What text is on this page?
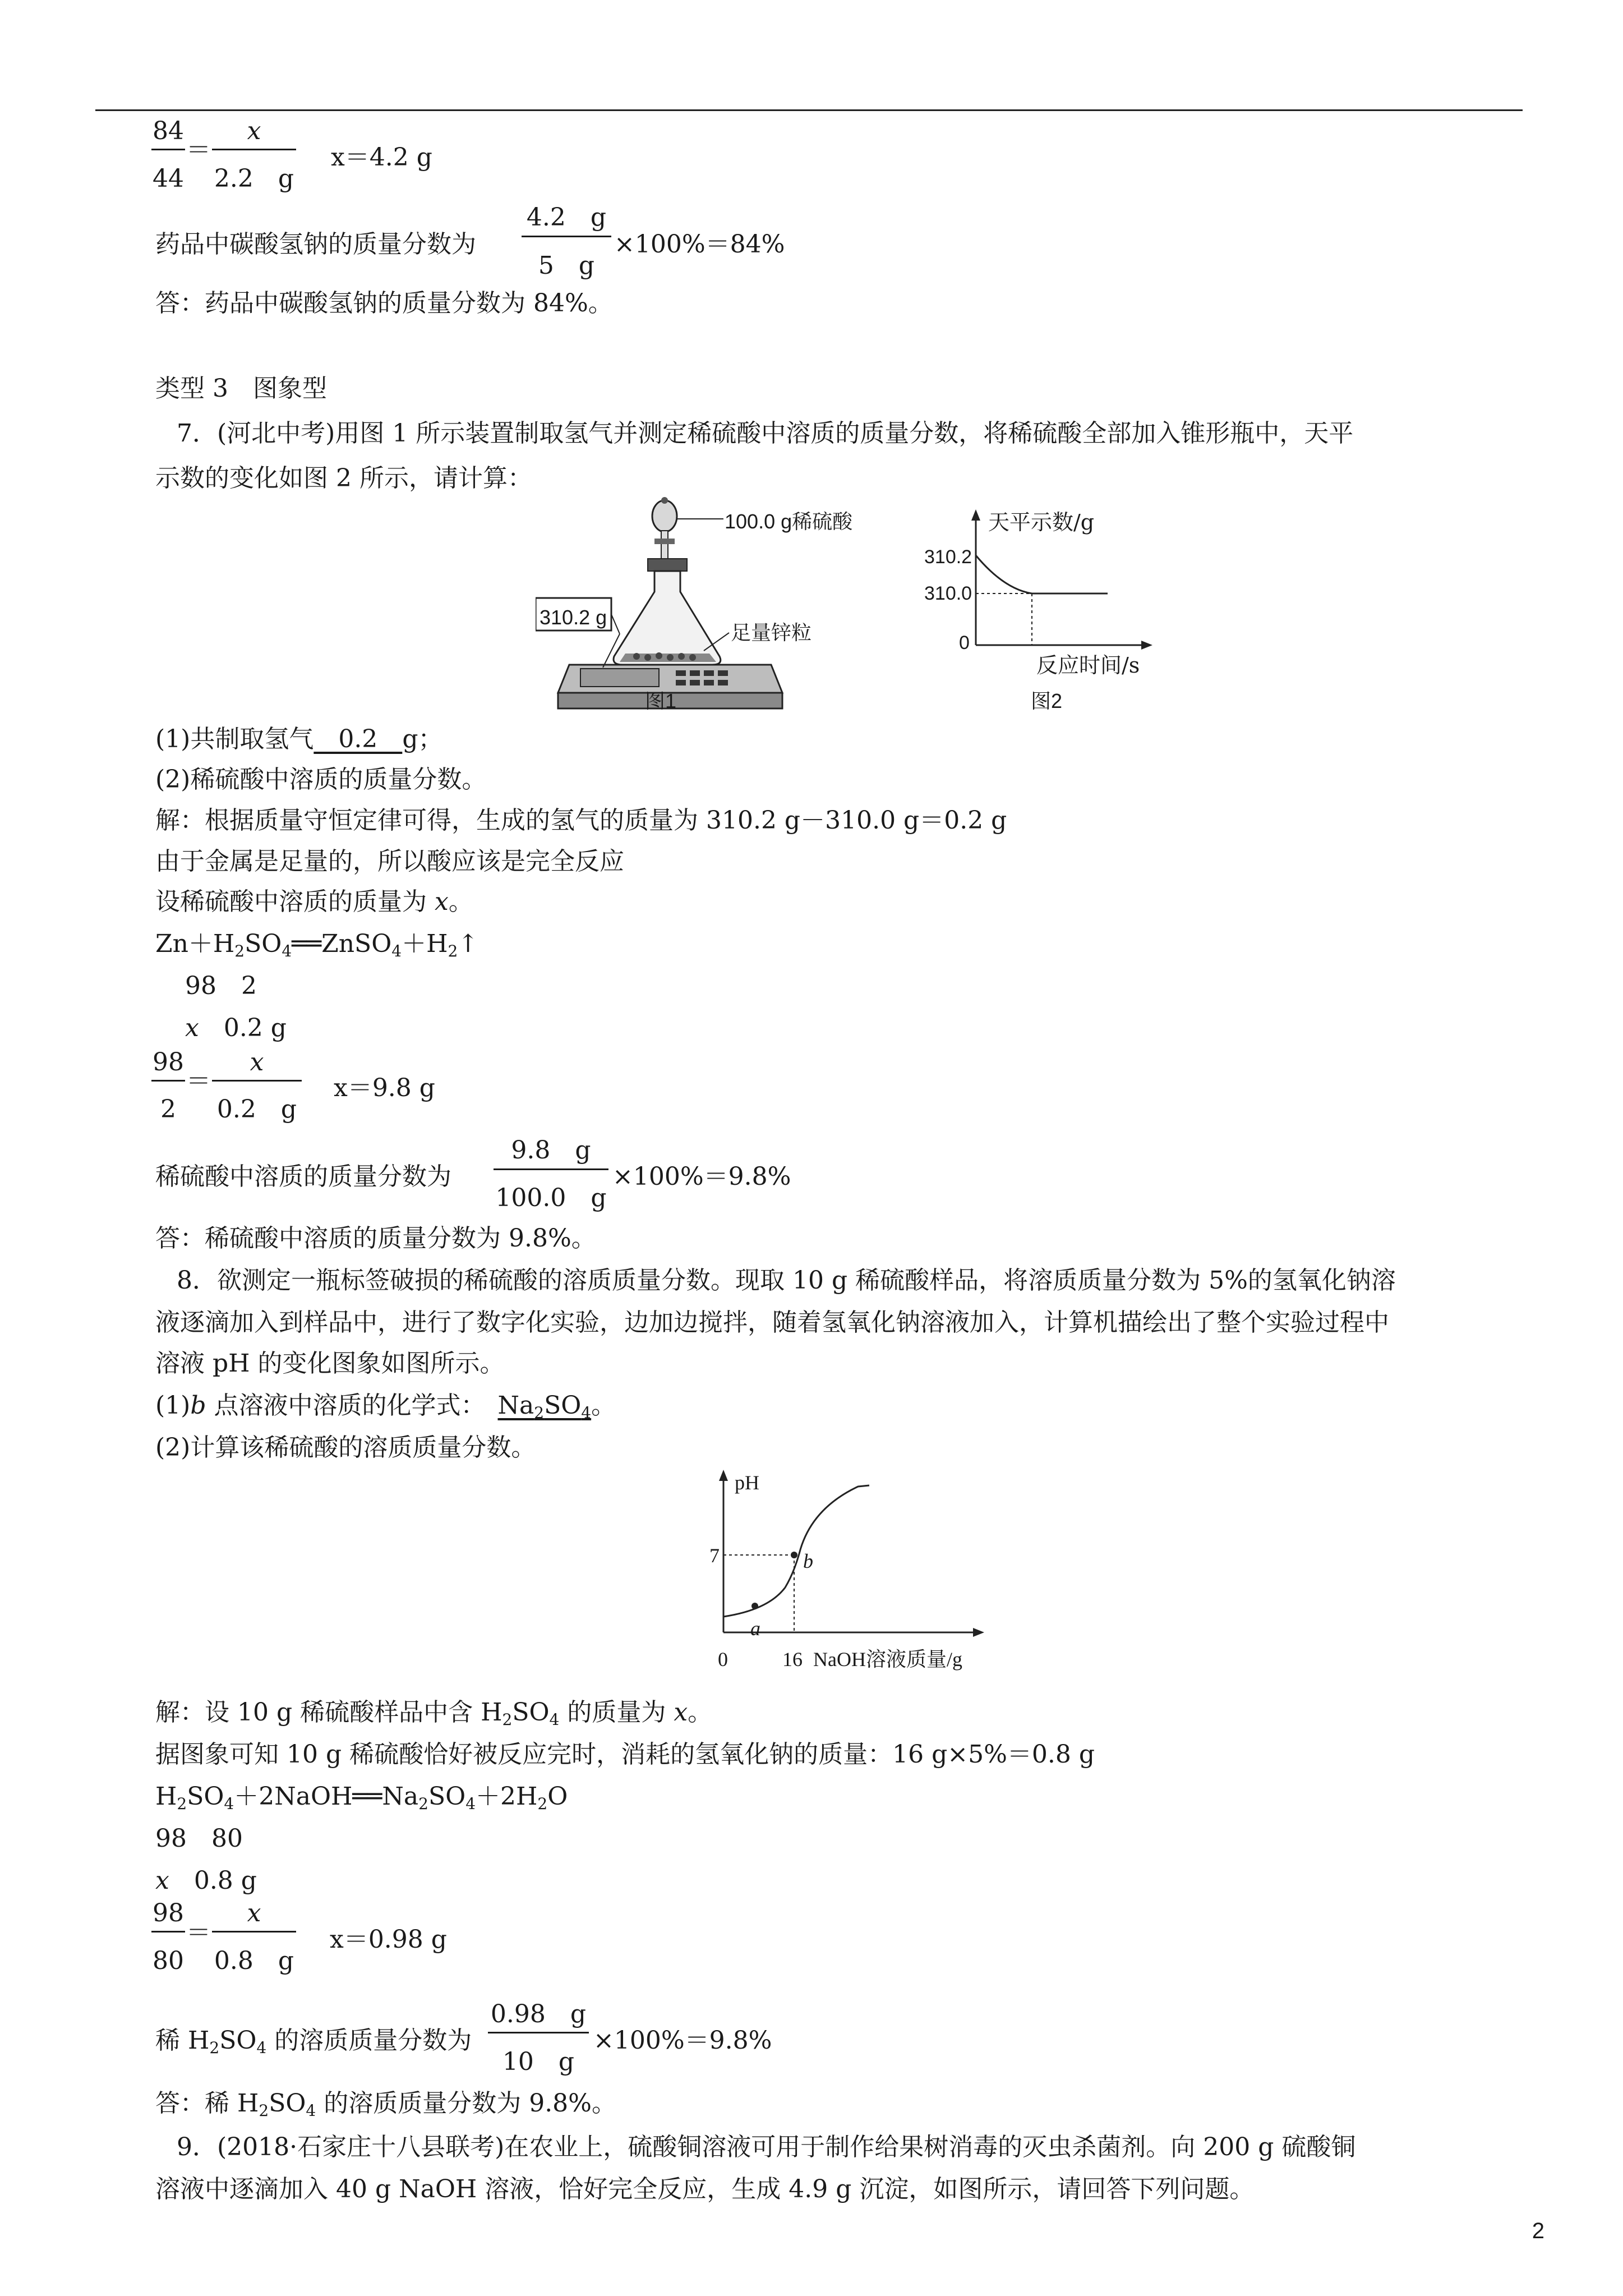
84
44
＝
x
2.2　g
x＝4.2 g
药品中碳酸氢钠的质量分数为
4.2　g
5　g
×100%＝84%
答：药品中碳酸氢钠的质量分数为 84%。
类型 3　图象型
7．(河北中考)用图 1 所示装置制取氢气并测定稀硫酸中溶质的质量分数，将稀硫酸全部加入锥形瓶中，天平
示数的变化如图 2 所示，请计算：
100.0 g稀硫酸
310.2 g
足量锌粒
图1
天平示数/g
310.2
310.0
0
反应时间/s
图2
(1)共制取氢气　0.2　g；
(2)稀硫酸中溶质的质量分数。
解：根据质量守恒定律可得，生成的氢气的质量为 310.2 g－310.0 g＝0.2 g
由于金属是足量的，所以酸应该是完全反应
设稀硫酸中溶质的质量为 x。
$Zn+H_2SO_4══ZnSO_4+H_2↑$
98　2
x　 0.2 g
98
2
＝
x
0.2　g
x＝9.8 g
稀硫酸中溶质的质量分数为
9.8　g
100.0　g
×100%＝9.8%
答：稀硫酸中溶质的质量分数为 9.8%。
8．欲测定一瓶标签破损的稀硫酸的溶质质量分数。现取 10 g 稀硫酸样品，将溶质质量分数为 5%的氢氧化钠溶
液逐滴加入到样品中，进行了数字化实验，边加边搅拌，随着氢氧化钠溶液加入，计算机描绘出了整个实验过程中
溶液 pH 的变化图象如图所示。
(1)b 点溶液中溶质的化学式：　 $Na_2SO_4$。
(2)计算该稀硫酸的溶质质量分数。
pH
7
a
b
0	16 NaOH溶液质量/g
解：设 10 g 稀硫酸样品中含 $H_2SO_4$ 的质量为 x。
据图象可知 10 g 稀硫酸恰好被反应完时，消耗的氢氧化钠的质量：16 g×5%＝0.8 g
$H_2SO_4+2NaOH══Na_2SO_4+2H_2O$
98　80
x　 0.8 g
98
80
＝
x
0.8　g
x＝0.98 g
稀 $H_2SO_4$ 的溶质质量分数为
0.98　g
10　g
×100%＝9.8%
答：稀 $H_2SO_4$ 的溶质质量分数为 9.8%。
9．(2018·石家庄十八县联考)在农业上，硫酸铜溶液可用于制作给果树消毒的灭虫杀菌剂。向 200 g 硫酸铜
溶液中逐滴加入 40 g NaOH 溶液，恰好完全反应，生成 4.9 g 沉淀，如图所示，请回答下列问题。
2
